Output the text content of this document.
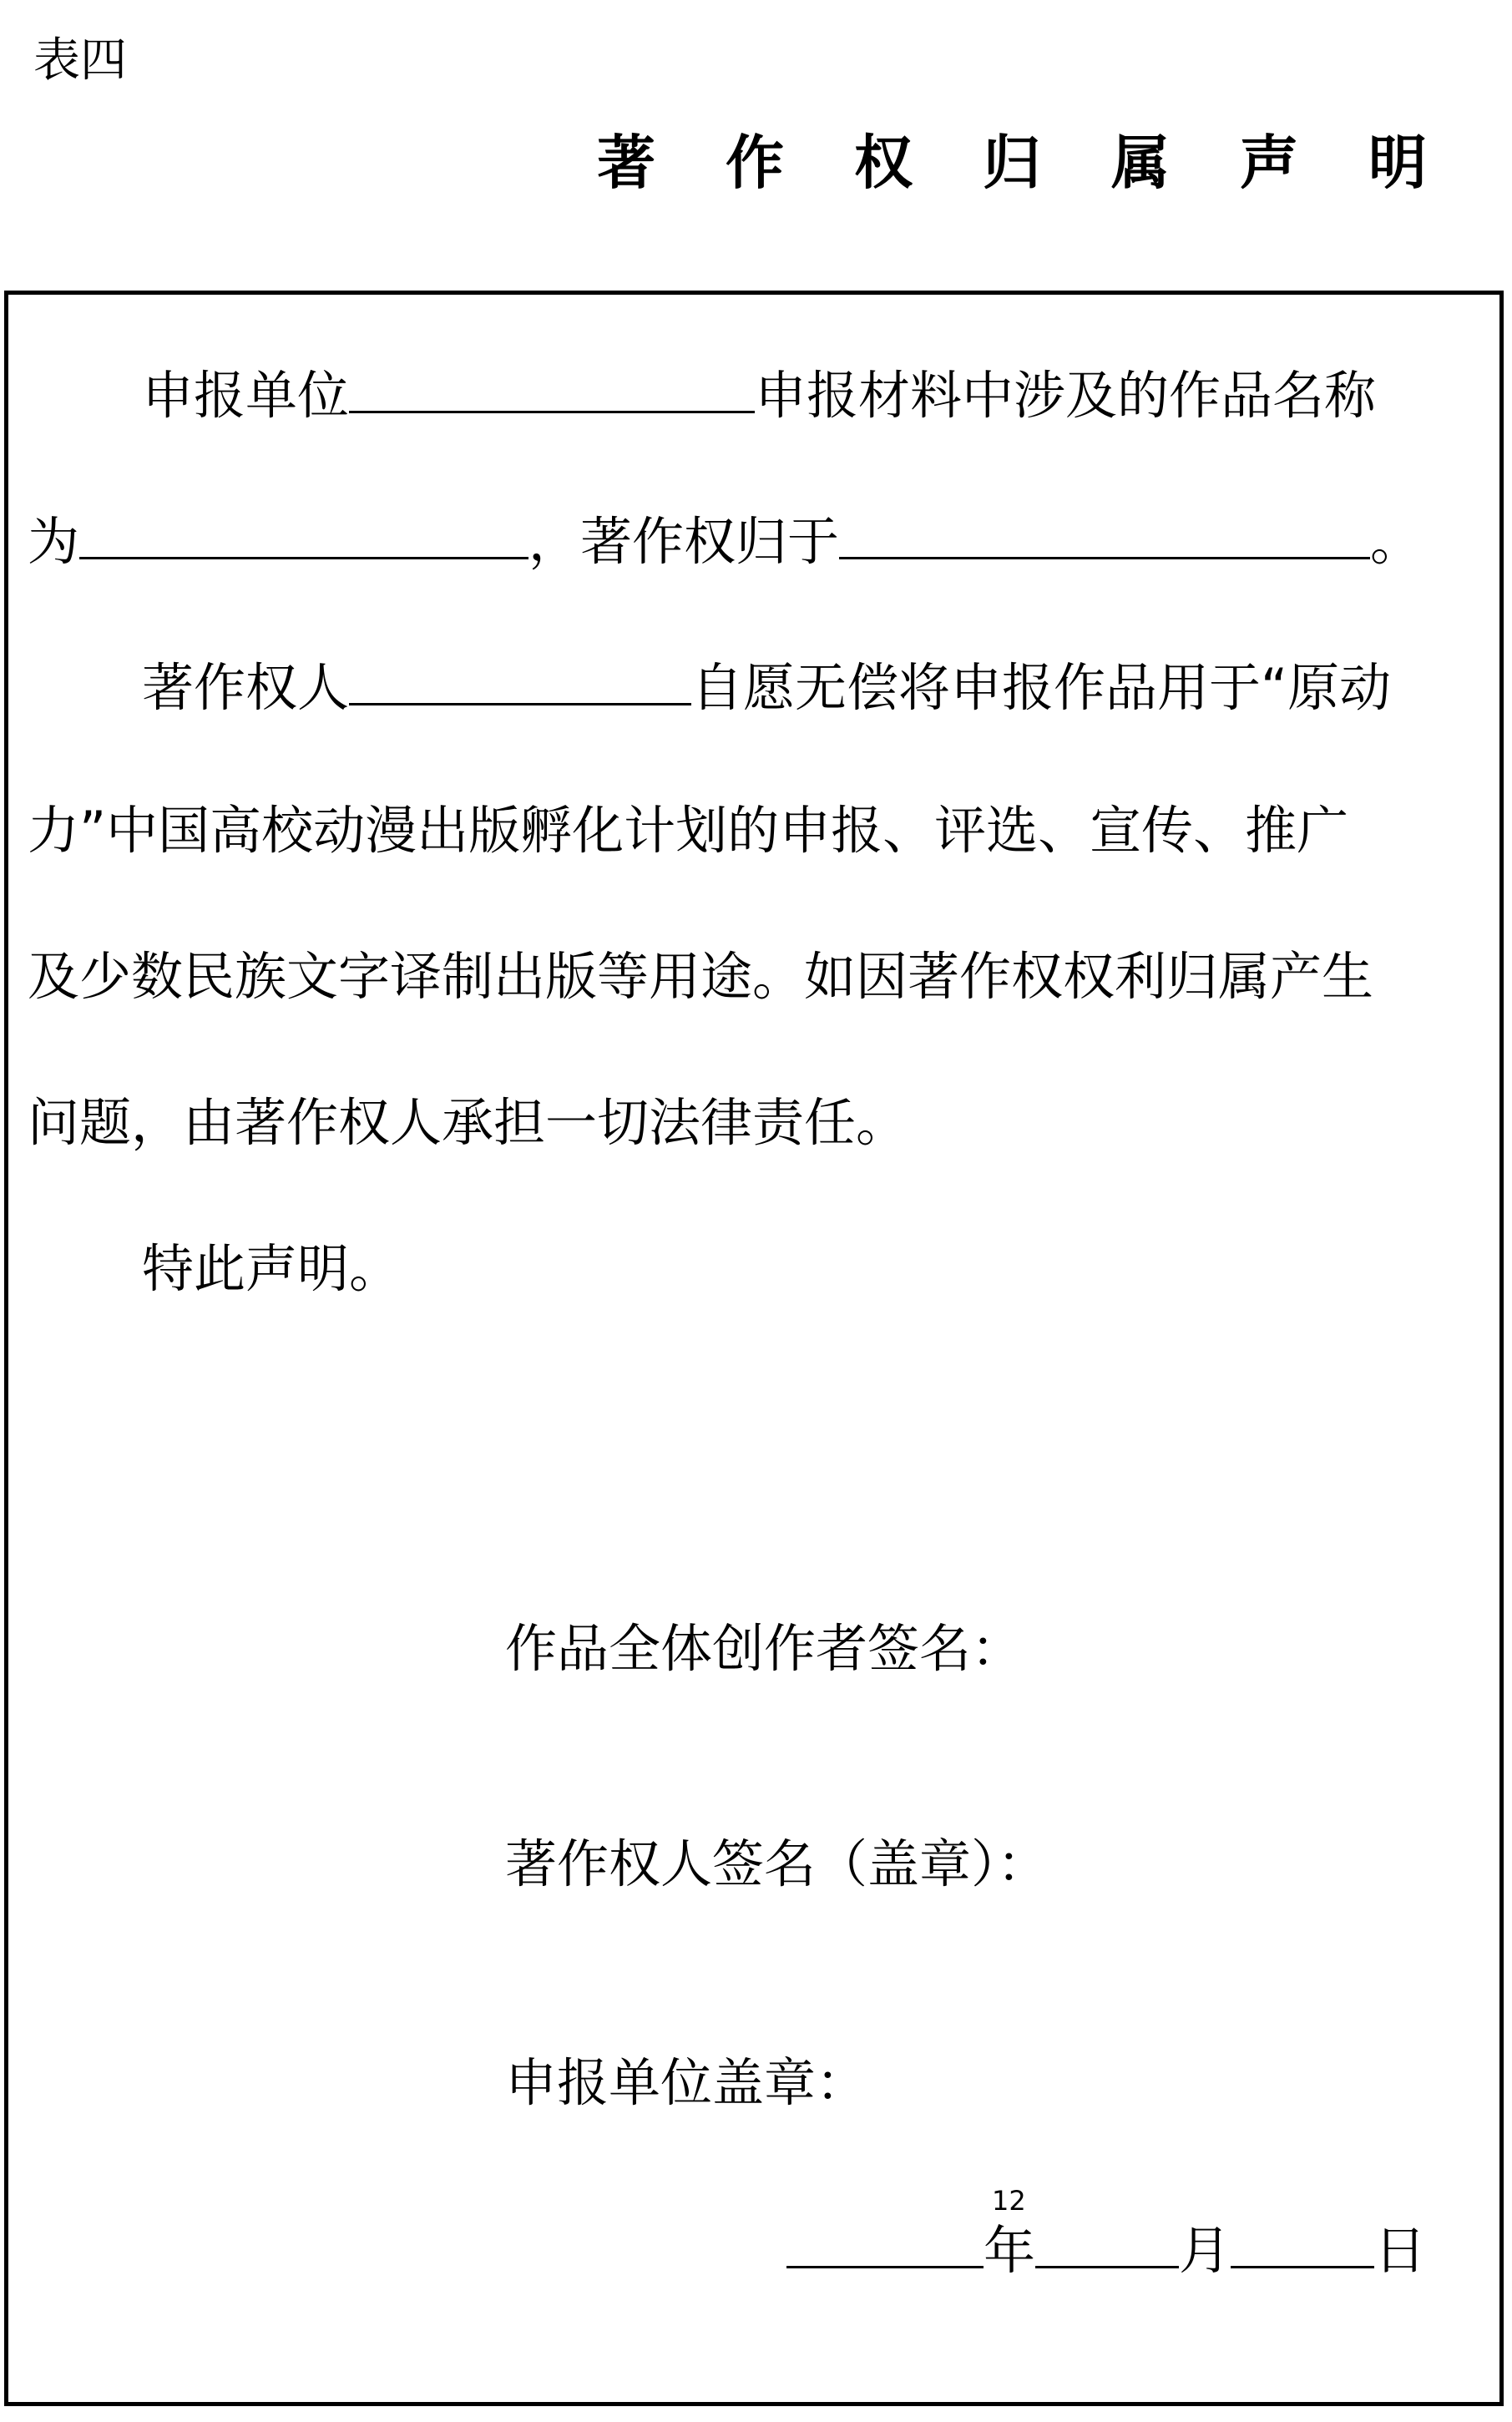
表四
著作权归属声明
申报单位	申报材料中涉及的作品名称
为	，著作权归于	。
著作权人	自愿无偿将申报作品用于“原动
力”中国高校动漫出版孵化计划的申报、评选、宣传、推广
及少数民族文字译制出版等用途。如因著作权权利归属产生
问题，由著作权人承担一切法律责任。
特此声明。
作品全体创作者签名：
著作权人签名（盖章）：
申报单位盖章：
12
年	月	日
